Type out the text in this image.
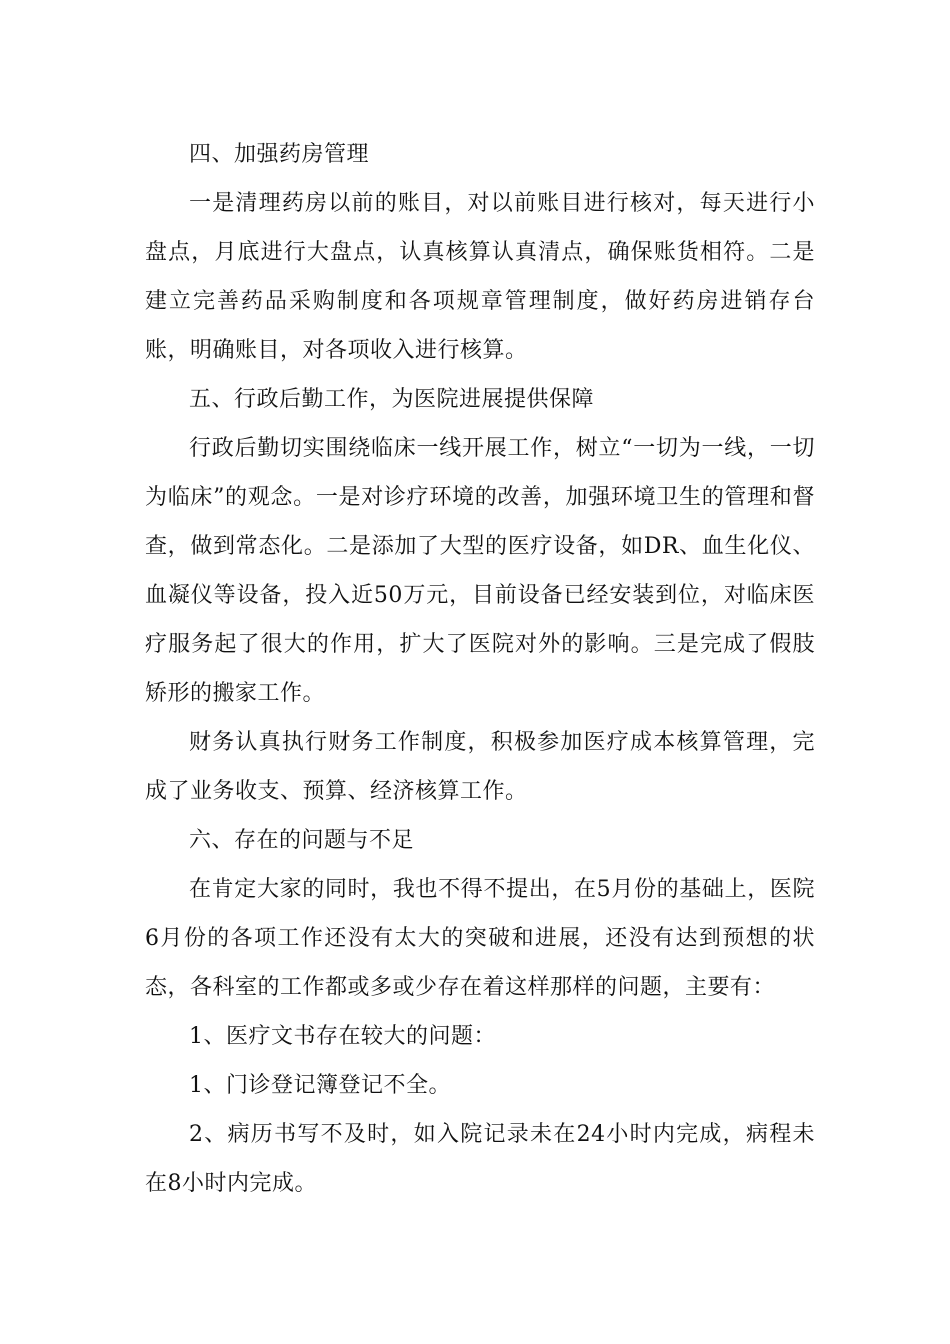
四、加强药房管理

一是清理药房以前的账目，对以前账目进行核对，每天进行小盘点，月底进行大盘点，认真核算认真清点，确保账货相符。二是建立完善药品采购制度和各项规章管理制度，做好药房进销存台账，明确账目，对各项收入进行核算。

五、行政后勤工作，为医院进展提供保障

行政后勤切实围绕临床一线开展工作，树立“一切为一线，一切为临床”的观念。一是对诊疗环境的改善，加强环境卫生的管理和督查，做到常态化。二是添加了大型的医疗设备，如DR、血生化仪、血凝仪等设备，投入近50万元，目前设备已经安装到位，对临床医疗服务起了很大的作用，扩大了医院对外的影响。三是完成了假肢矫形的搬家工作。

财务认真执行财务工作制度，积极参加医疗成本核算管理，完成了业务收支、预算、经济核算工作。

六、存在的问题与不足

在肯定大家的同时，我也不得不提出，在5月份的基础上，医院6月份的各项工作还没有太大的突破和进展，还没有达到预想的状态，各科室的工作都或多或少存在着这样那样的问题，主要有：

1、医疗文书存在较大的问题：

1、门诊登记簿登记不全。

2、病历书写不及时，如入院记录未在24小时内完成，病程未在8小时内完成。
